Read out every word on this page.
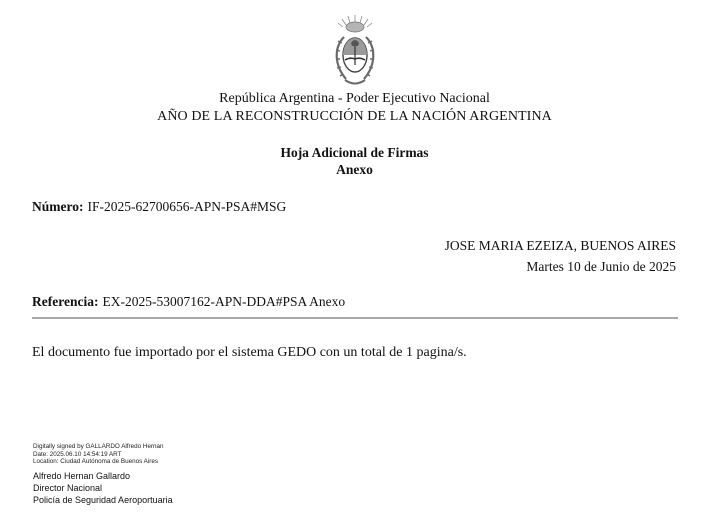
República Argentina - Poder Ejecutivo Nacional
AÑO DE LA RECONSTRUCCIÓN DE LA NACIÓN ARGENTINA
Hoja Adicional de Firmas
Anexo
Número: IF-2025-62700656-APN-PSA#MSG
JOSE MARIA EZEIZA, BUENOS AIRES
Martes 10 de Junio de 2025
Referencia: EX-2025-53007162-APN-DDA#PSA Anexo
El documento fue importado por el sistema GEDO con un total de 1 pagina/s.
Digitally signed by GALLARDO Alfredo Hernan
Date: 2025.06.10 14:54:19 ART
Location: Ciudad Autónoma de Buenos Aires
Alfredo Hernan Gallardo
Director Nacional
Policía de Seguridad Aeroportuaria
